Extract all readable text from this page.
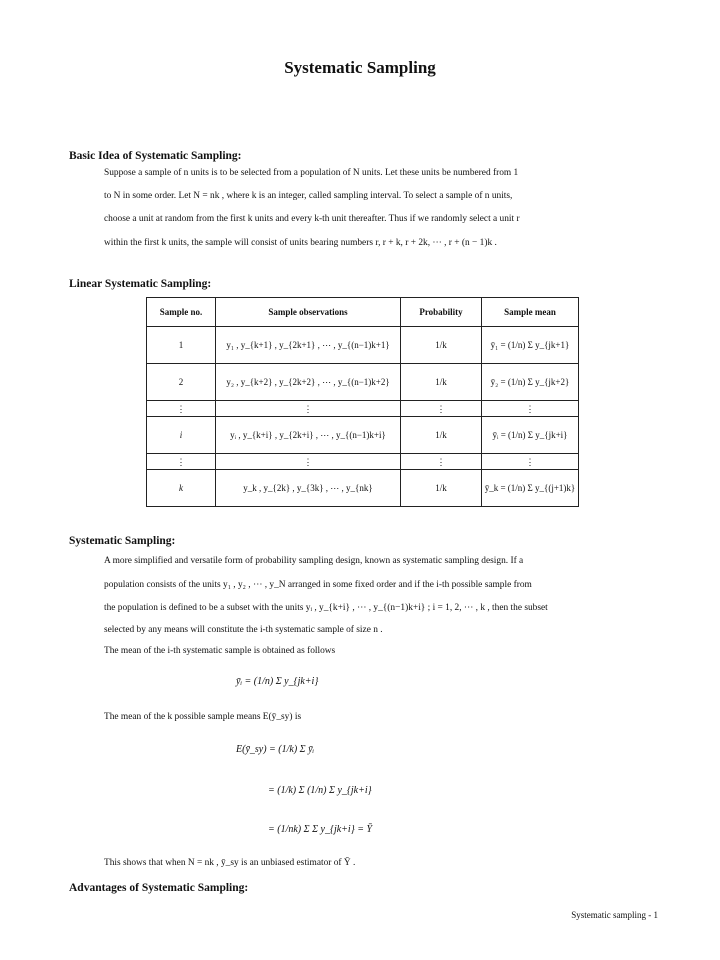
Systematic Sampling
Basic Idea of Systematic Sampling:
Suppose a sample of n units is to be selected from a population of N units. Let these units be numbered from 1
to N in some order. Let N = nk , where k is an integer, called sampling interval. To select a sample of n units,
choose a unit at random from the first k units and every k-th unit thereafter. Thus if we randomly select a unit r
within the first k units, the sample will consist of units bearing numbers r, r + k, r + 2k, ⋯ , r + (n − 1)k .
Linear Systematic Sampling:
Sample no.	Sample observations	Probability	Sample mean
1	y₁ , y_{k+1} , y_{2k+1} , ⋯ , y_{(n−1)k+1}	1/k	ȳ₁ = (1/n) Σ y_{jk+1}
2	y₂ , y_{k+2} , y_{2k+2} , ⋯ , y_{(n−1)k+2}	1/k	ȳ₂ = (1/n) Σ y_{jk+2}
⋮	⋮	⋮	⋮
i	yᵢ , y_{k+i} , y_{2k+i} , ⋯ , y_{(n−1)k+i}	1/k	ȳᵢ = (1/n) Σ y_{jk+i}
⋮	⋮	⋮	⋮
k	y_k , y_{2k} , y_{3k} , ⋯ , y_{nk}	1/k	ȳ_k = (1/n) Σ y_{(j+1)k}
Systematic Sampling:
A more simplified and versatile form of probability sampling design, known as systematic sampling design. If a
population consists of the units y₁ , y₂ , ⋯ , y_N arranged in some fixed order and if the i-th possible sample from
the population is defined to be a subset with the units yᵢ , y_{k+i} , ⋯ , y_{(n−1)k+i} ; i = 1, 2, ⋯ , k , then the subset
selected by any means will constitute the i-th systematic sample of size n .
The mean of the i-th systematic sample is obtained as follows
ȳᵢ = (1/n) Σ y_{jk+i}
The mean of the k possible sample means E(ȳ_sy) is
E(ȳ_sy) = (1/k) Σ ȳᵢ
= (1/k) Σ (1/n) Σ y_{jk+i}
= (1/nk) Σ Σ y_{jk+i} = Ȳ
This shows that when N = nk , ȳ_sy is an unbiased estimator of Ȳ .
Advantages of Systematic Sampling:
Systematic sampling - 1
